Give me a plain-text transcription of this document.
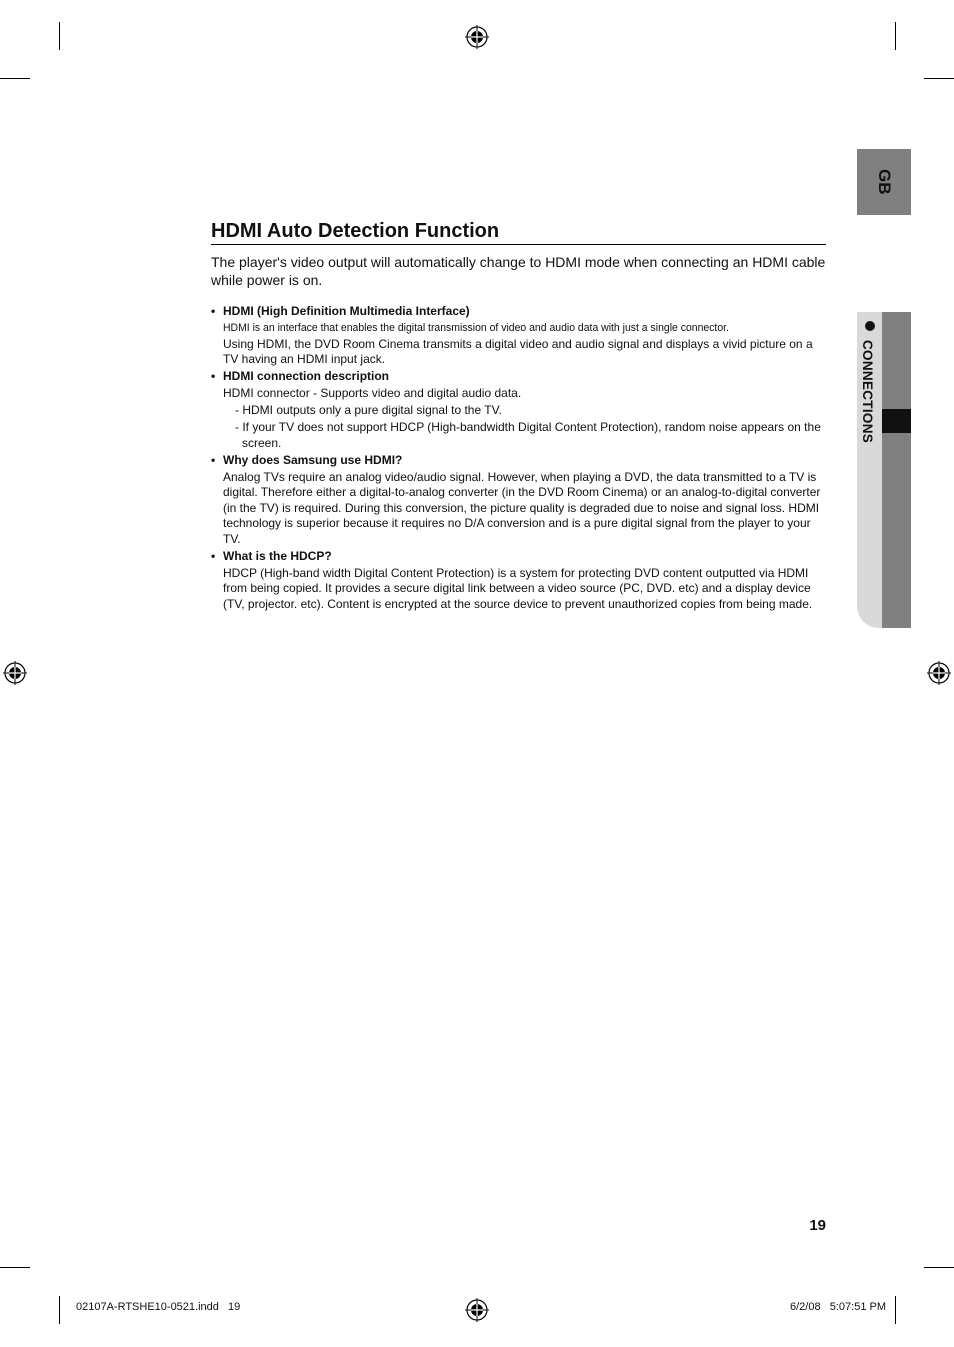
GB
CONNECTIONS
HDMI Auto Detection Function
The player's video output will automatically change to HDMI mode when connecting an HDMI cable while power is on.
• HDMI (High Definition Multimedia Interface)
HDMI is an interface that enables the digital transmission of video and audio data with just a single connector.
Using HDMI, the DVD Room Cinema transmits a digital video and audio signal and displays a vivid picture on a TV having an HDMI input jack.
• HDMI connection description
HDMI connector - Supports video and digital audio data.
- HDMI outputs only a pure digital signal to the TV.
- If your TV does not support HDCP (High-bandwidth Digital Content Protection), random noise appears on the screen.
• Why does Samsung use HDMI?
Analog TVs require an analog video/audio signal. However, when playing a DVD, the data transmitted to a TV is digital. Therefore either a digital-to-analog converter (in the DVD Room Cinema) or an analog-to-digital converter (in the TV) is required. During this conversion, the picture quality is degraded due to noise and signal loss. HDMI technology is superior because it requires no D/A conversion and is a pure digital signal from the player to your TV.
• What is the HDCP?
HDCP (High-band width Digital Content Protection) is a system for protecting DVD content outputted via HDMI from being copied. It provides a secure digital link between a video source (PC, DVD. etc) and a display device (TV, projector. etc). Content is encrypted at the source device to prevent unauthorized copies from being made.
19
02107A-RTSHE10-0521.indd   19	6/2/08   5:07:51 PM
